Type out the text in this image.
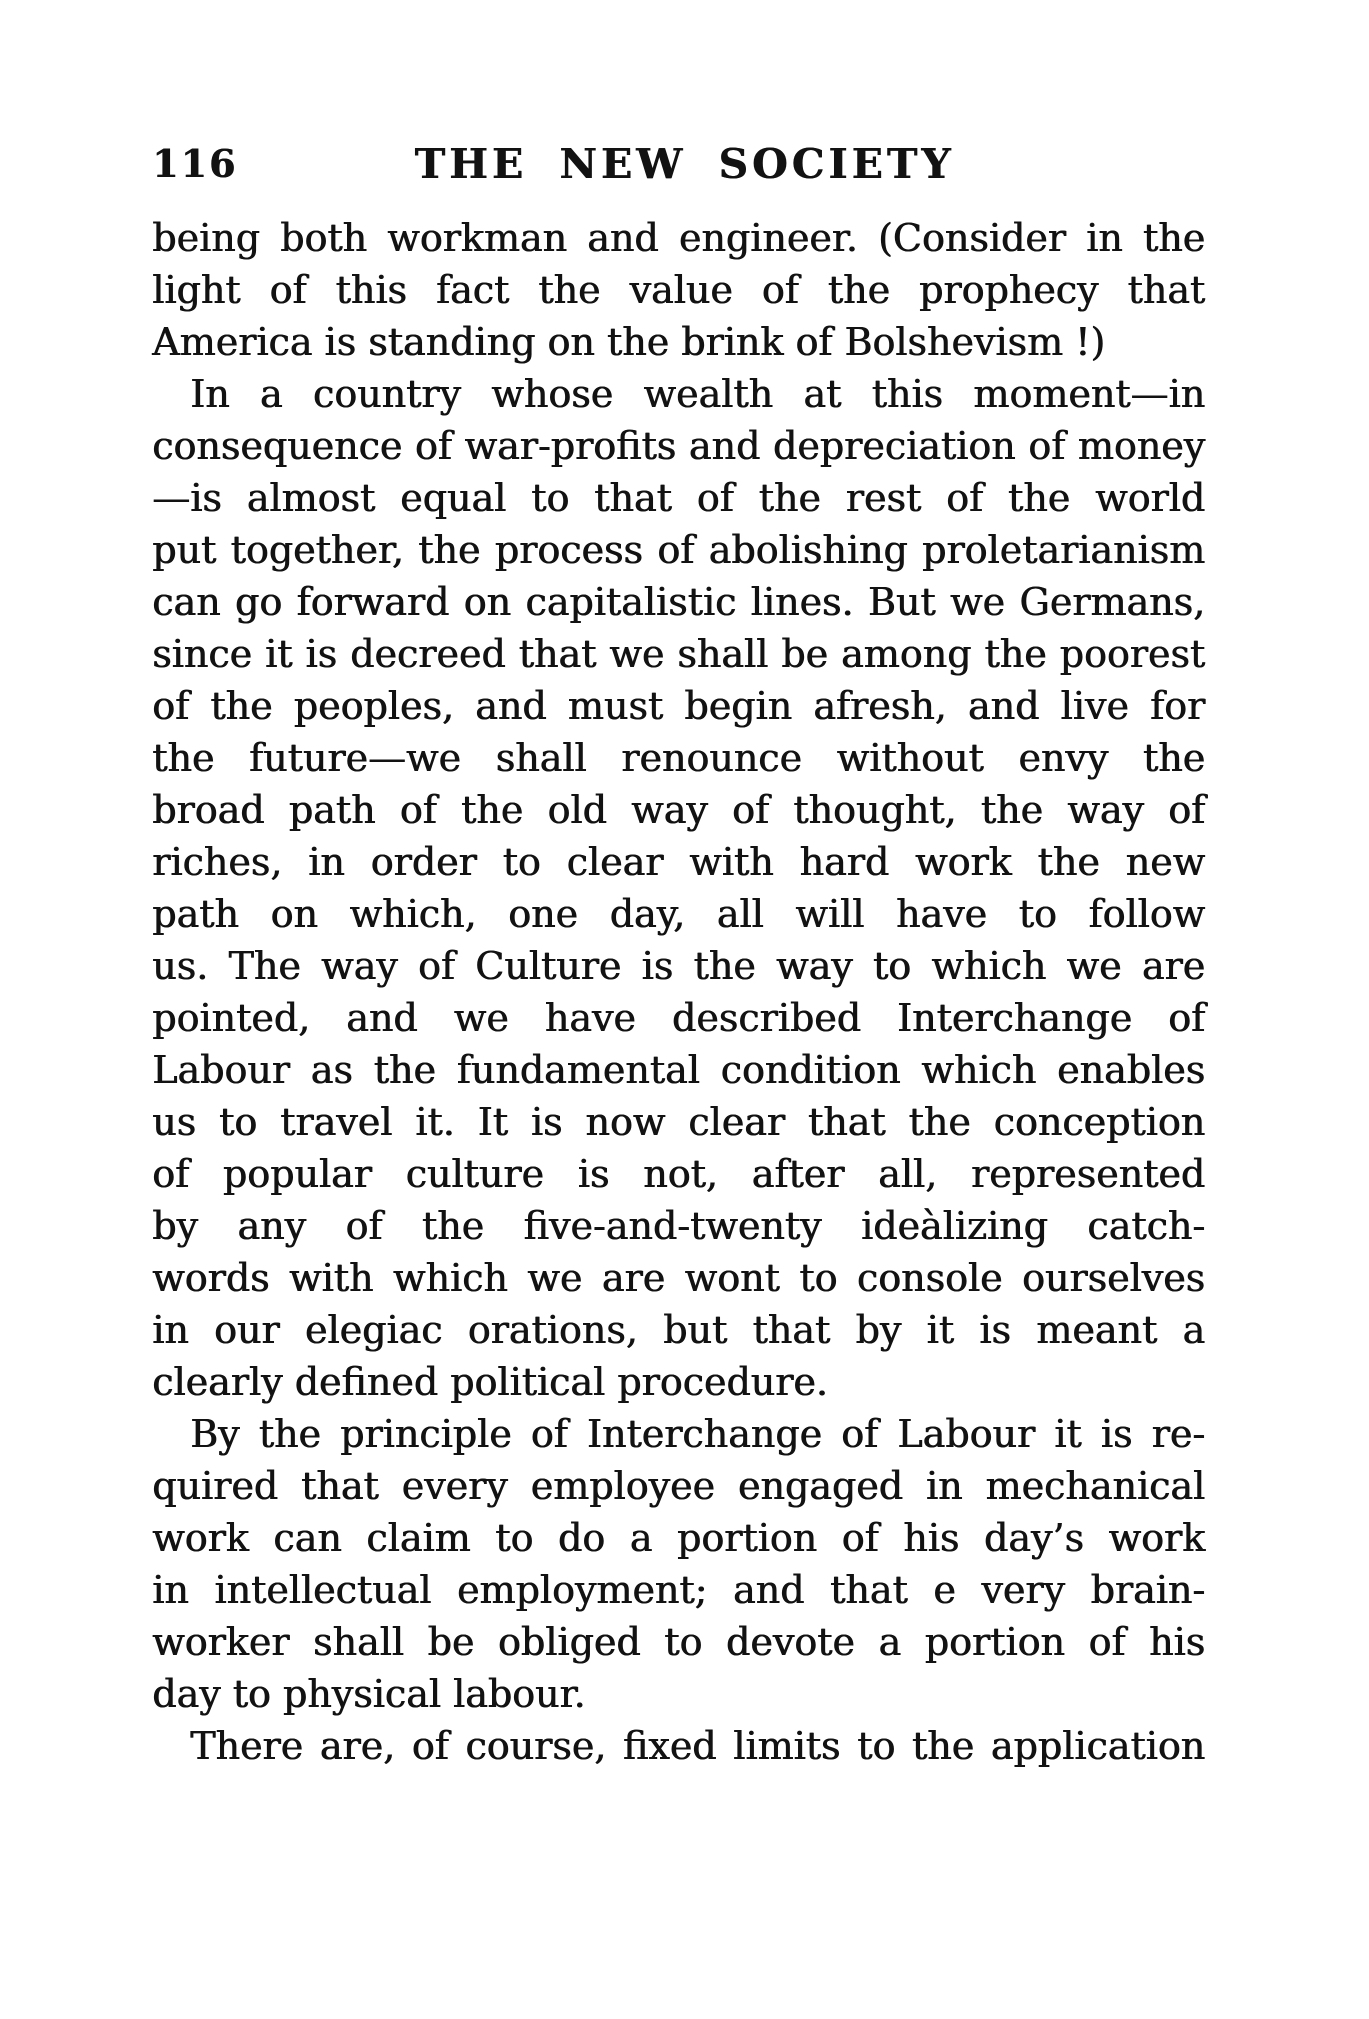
116	THE NEW SOCIETY
being both workman and engineer. (Consider in the
light of this fact the value of the prophecy that
America is standing on the brink of Bolshevism !)
In a country whose wealth at this moment—in
consequence of war-profits and depreciation of money
—is almost equal to that of the rest of the world
put together, the process of abolishing proletarianism
can go forward on capitalistic lines. But we Germans,
since it is decreed that we shall be among the poorest
of the peoples, and must begin afresh, and live for
the future—we shall renounce without envy the
broad path of the old way of thought, the way of
riches, in order to clear with hard work the new
path on which, one day, all will have to follow
us. The way of Culture is the way to which we are
pointed, and we have described Interchange of
Labour as the fundamental condition which enables
us to travel it. It is now clear that the conception
of popular culture is not, after all, represented
by any of the five-and-twenty ideàlizing catch-
words with which we are wont to console ourselves
in our elegiac orations, but that by it is meant a
clearly defined political procedure.
By the principle of Interchange of Labour it is re-
quired that every employee engaged in mechanical
work can claim to do a portion of his day’s work
in intellectual employment; and that e very brain-
worker shall be obliged to devote a portion of his
day to physical labour.
There are, of course, fixed limits to the application
